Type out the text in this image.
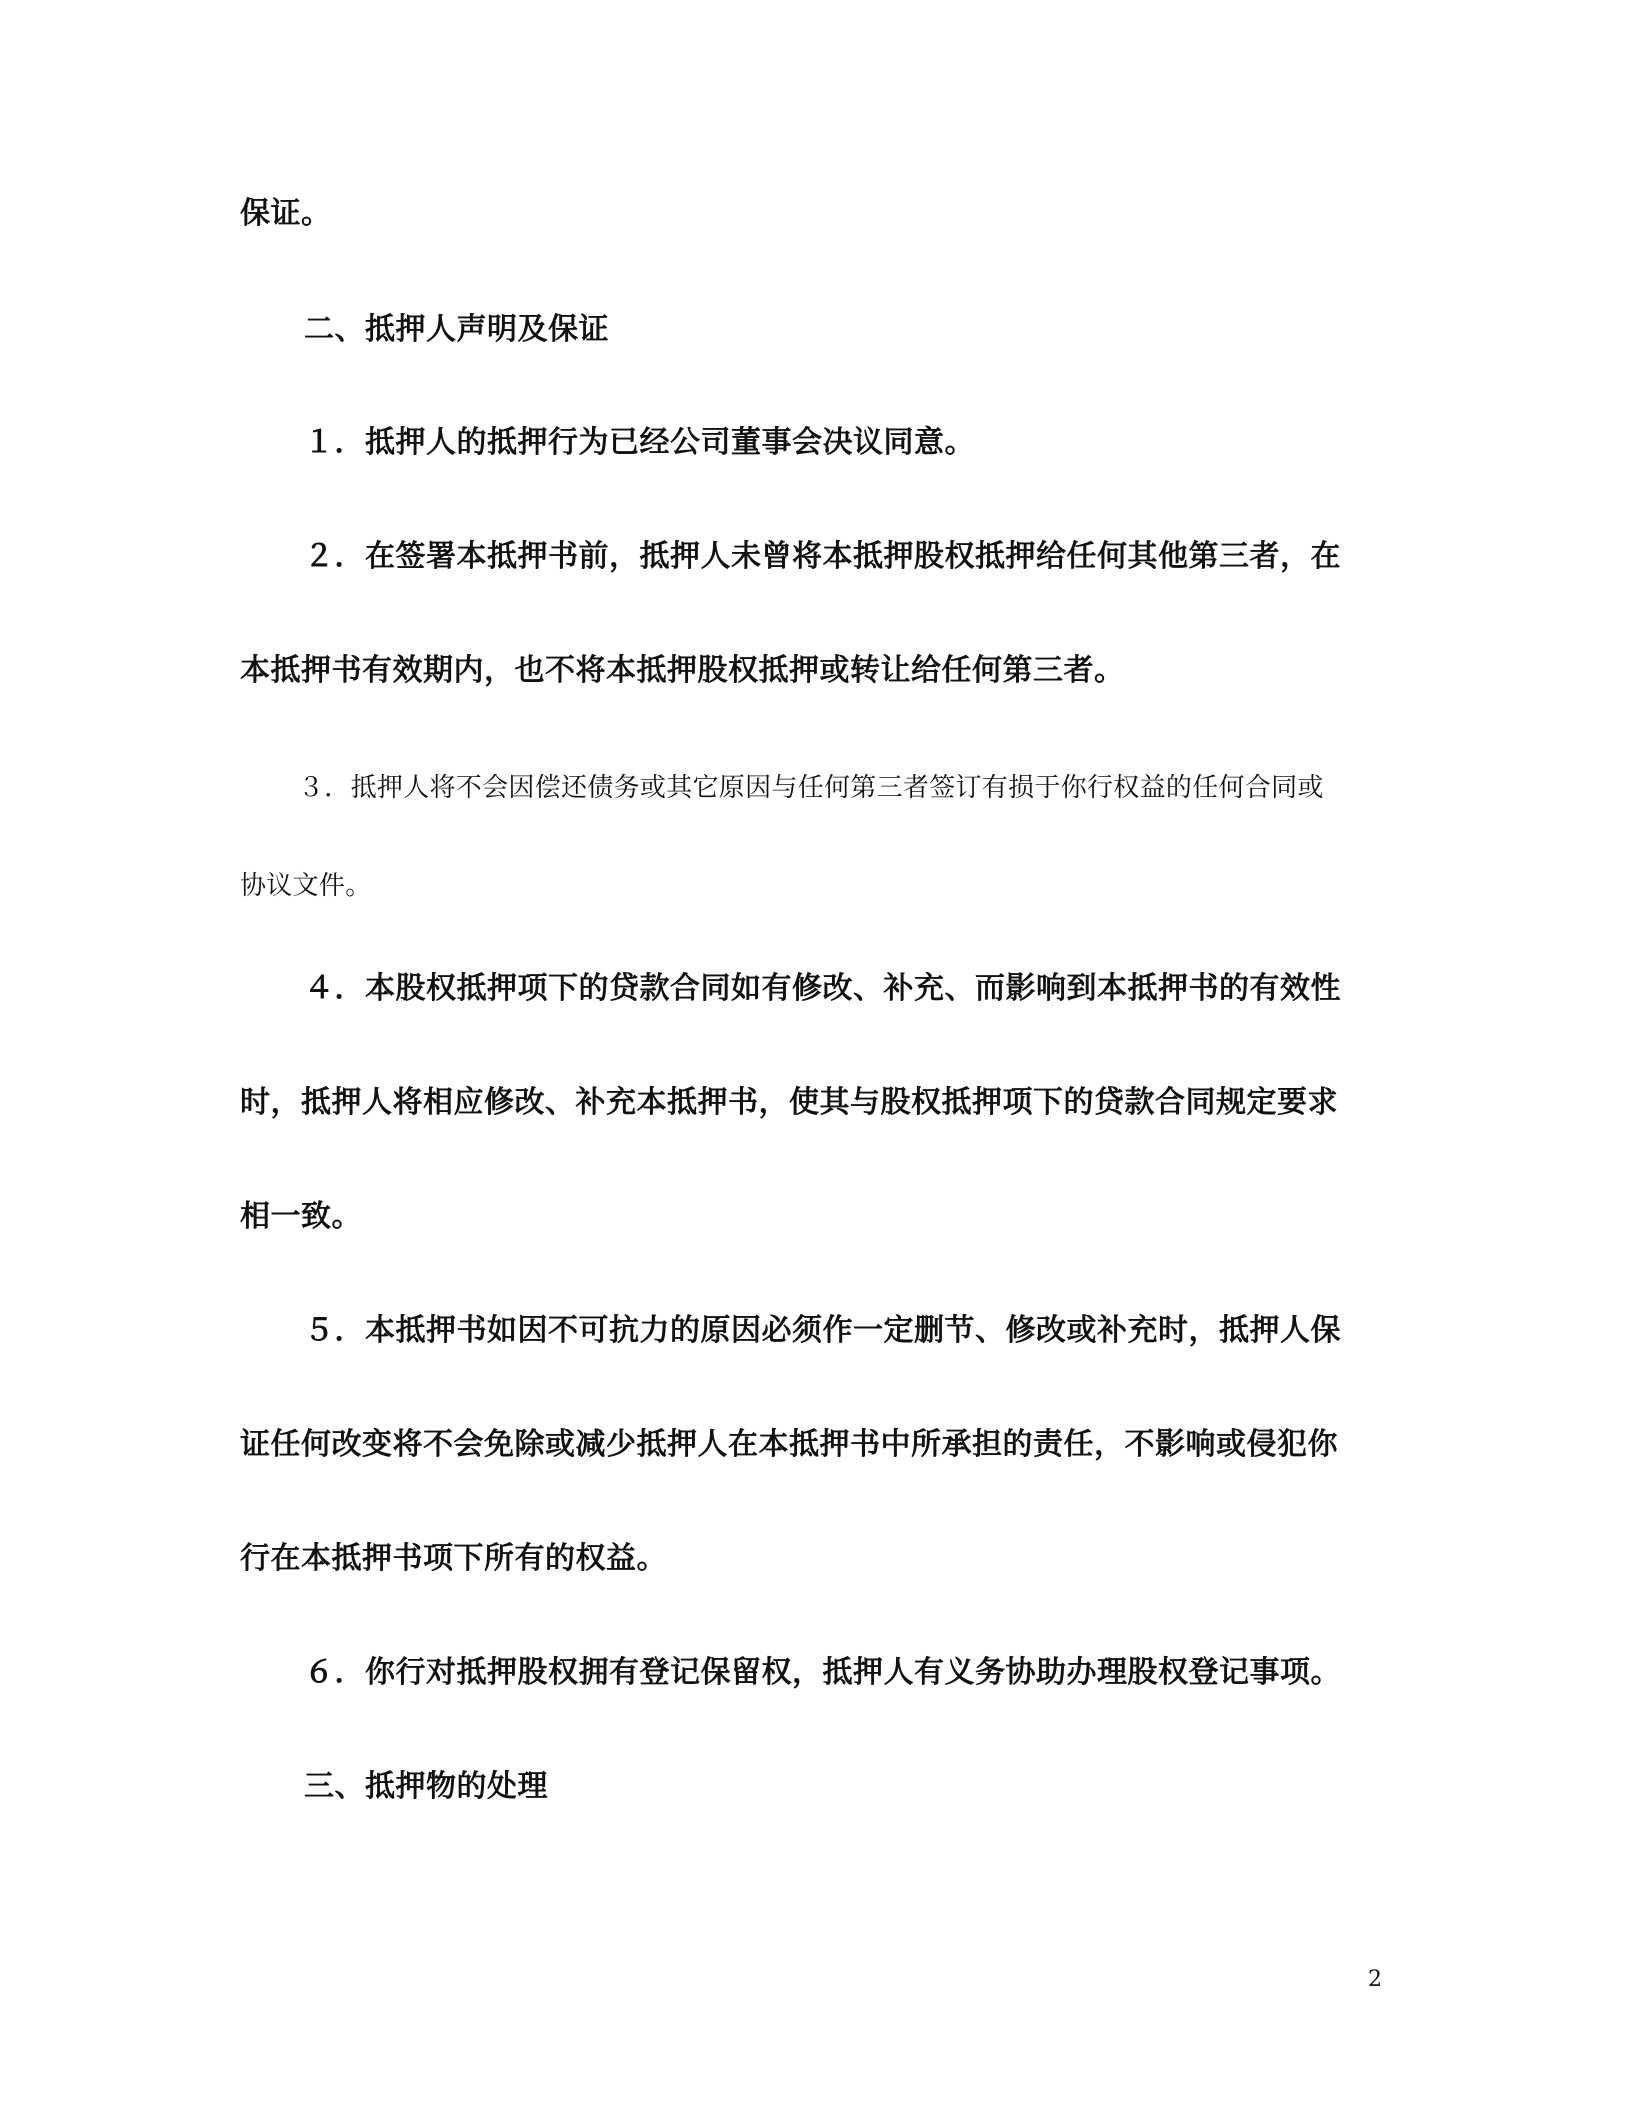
保证。
二、抵押人声明及保证
１．抵押人的抵押行为已经公司董事会决议同意。
２．在签署本抵押书前，抵押人未曾将本抵押股权抵押给任何其他第三者，在
本抵押书有效期内，也不将本抵押股权抵押或转让给任何第三者。
３．抵押人将不会因偿还债务或其它原因与任何第三者签订有损于你行权益的任何合同或
协议文件。
４．本股权抵押项下的贷款合同如有修改、补充、而影响到本抵押书的有效性
时，抵押人将相应修改、补充本抵押书，使其与股权抵押项下的贷款合同规定要求
相一致。
５．本抵押书如因不可抗力的原因必须作一定删节、修改或补充时，抵押人保
证任何改变将不会免除或减少抵押人在本抵押书中所承担的责任，不影响或侵犯你
行在本抵押书项下所有的权益。
６．你行对抵押股权拥有登记保留权，抵押人有义务协助办理股权登记事项。
三、抵押物的处理
2
